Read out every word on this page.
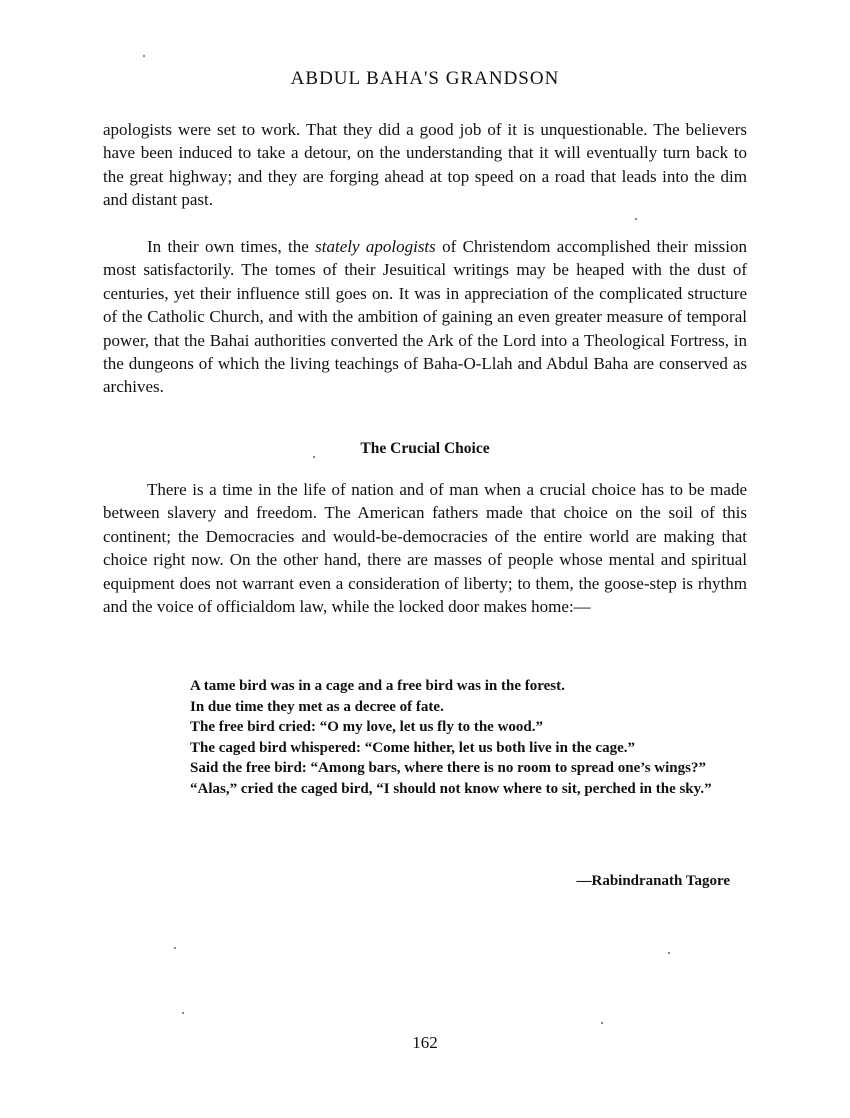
ABDUL BAHA'S GRANDSON

apologists were set to work. That they did a good job of it is unquestionable. The believers have been induced to take a detour, on the understanding that it will eventually turn back to the great highway; and they are forging ahead at top speed on a road that leads into the dim and distant past.

In their own times, the stately apologists of Christendom accomplished their mission most satisfactorily. The tomes of their Jesuitical writings may be heaped with the dust of centuries, yet their influence still goes on. It was in appreciation of the complicated structure of the Catholic Church, and with the ambition of gaining an even greater measure of temporal power, that the Bahai authorities converted the Ark of the Lord into a Theological Fortress, in the dungeons of which the living teachings of Baha-O-Llah and Abdul Baha are conserved as archives.

The Crucial Choice

There is a time in the life of nation and of man when a crucial choice has to be made between slavery and freedom. The American fathers made that choice on the soil of this continent; the Democracies and would-be-democracies of the entire world are making that choice right now. On the other hand, there are masses of people whose mental and spiritual equipment does not warrant even a consideration of liberty; to them, the goose-step is rhythm and the voice of officialdom law, while the locked door makes home:—

A tame bird was in a cage and a free bird was in the forest.
In due time they met as a decree of fate.
The free bird cried: “O my love, let us fly to the wood.”
The caged bird whispered: “Come hither, let us both live in the cage.”
Said the free bird: “Among bars, where there is no room to spread one’s wings?”
“Alas,” cried the caged bird, “I should not know where to sit, perched in the sky.”
—Rabindranath Tagore
162
